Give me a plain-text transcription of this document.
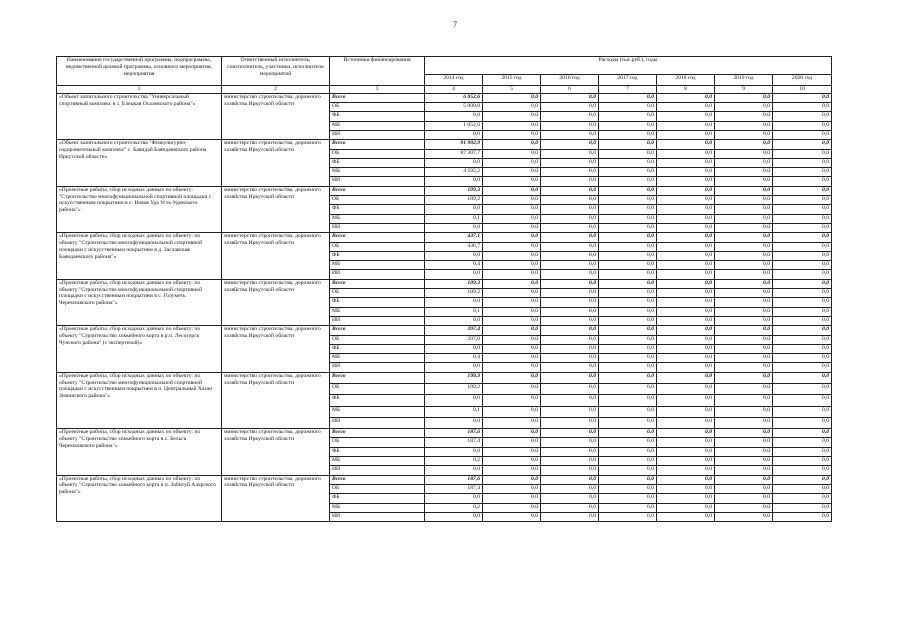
7
Наименование государственной программы, подпрограммы, ведомственной целевой программы, основного мероприятия, мероприятия	Ответственный исполнитель, соисполнитель, участники, исполнители мероприятий	Источники финансирования	Расходы (тыс.руб.), годы						
			2014 год	2015 год	2016 год	2017 год	2018 год	2019 год	2020 год
1	2	3	4	5	6	7	8	9	10
«Объект капитального строительства "Универсальный спортивный комплекс в с. Елецкая Осалевского района"»	министерство строительства, дорожного хозяйства Иркутской области	Всего	6 052,6	0,0	0,0	0,0	0,0	0,0	0,0
		ОБ	5 000,0	0,0	0,0	0,0	0,0	0,0	0,0
		ФБ	0,0	0,0	0,0	0,0	0,0	0,0	0,0
		МБ	1 052,6	0,0	0,0	0,0	0,0	0,0	0,0
		ИИ	0,0	0,0	0,0	0,0	0,0	0,0	0,0
«Объект капитального строительства "Физкультурно-оздоровительный комплекс" с. Баяндай Баяндаевского района Иркутской области»	министерство строительства, дорожного хозяйства Иркутской области	Всего	91 902,9	0,0	0,0	0,0	0,0	0,0	0,0
		ОБ	87 307,7	0,0	0,0	0,0	0,0	0,0	0,0
		ФБ	0,0	0,0	0,0	0,0	0,0	0,0	0,0
		МБ	4 595,2	0,0	0,0	0,0	0,0	0,0	0,0
		ИИ	0,0	0,0	0,0	0,0	0,0	0,0	0,0
«Проектные работы, сбор исходных данных по объекту: "Строительство многофункциональной спортивной площадки с искусственным покрытием в с. Новая Уда Усть-Удинского района"»	министерство строительства, дорожного хозяйства Иркутской области	Всего	109,3	0,0	0,0	0,0	0,0	0,0	0,0
		ОБ	109,2	0,0	0,0	0,0	0,0	0,0	0,0
		ФБ	0,0	0,0	0,0	0,0	0,0	0,0	0,0
		МБ	0,1	0,0	0,0	0,0	0,0	0,0	0,0
		ИИ	0,0	0,0	0,0	0,0	0,0	0,0	0,0
«Проектные работы, сбор исходных данных по объекту: по объекту "Строительство многофункциональной спортивной площадки с искусственным покрытием в д. Заславская Баяндаевского района"»	министерство строительства, дорожного хозяйства Иркутской области	Всего	437,1	0,0	0,0	0,0	0,0	0,0	0,0
		ОБ	436,7	0,0	0,0	0,0	0,0	0,0	0,0
		ФБ	0,0	0,0	0,0	0,0	0,0	0,0	0,0
		МБ	0,4	0,0	0,0	0,0	0,0	0,0	0,0
		ИИ	0,0	0,0	0,0	0,0	0,0	0,0	0,0
«Проектные работы, сбор исходных данных по объекту: по объекту "Строительство многофункциональной спортивной площадки с искусственным покрытием в с. Голуметь Черемховского района"»	министерство строительства, дорожного хозяйства Иркутской области	Всего	109,3	0,0	0,0	0,0	0,0	0,0	0,0
		ОБ	109,2	0,0	0,0	0,0	0,0	0,0	0,0
		ФБ	0,0	0,0	0,0	0,0	0,0	0,0	0,0
		МБ	0,1	0,0	0,0	0,0	0,0	0,0	0,0
		ИИ	0,0	0,0	0,0	0,0	0,0	0,0	0,0
«Проектные работы, сбор исходных данных по объекту: по объекту "Строительство хоккейного корта в р.п. Лесогорск Чунского района" (с экспертизой)»	министерство строительства, дорожного хозяйства Иркутской области	Всего	397,4	0,0	0,0	0,0	0,0	0,0	0,0
		ОБ	397,0	0,0	0,0	0,0	0,0	0,0	0,0
		ФБ	0,0	0,0	0,0	0,0	0,0	0,0	0,0
		МБ	0,4	0,0	0,0	0,0	0,0	0,0	0,0
		ИИ	0,0	0,0	0,0	0,0	0,0	0,0	0,0
«Проектные работы, сбор исходных данных по объекту: по объекту "Строительство многофункциональной спортивной площадки с искусственным покрытием в п. Центральный Хазан Зиминского района"»	министерство строительства, дорожного хозяйства Иркутской области	Всего	199,3	0,0	0,0	0,0	0,0	0,0	0,0
		ОБ	199,2	0,0	0,0	0,0	0,0	0,0	0,0
		ФБ	0,0	0,0	0,0	0,0	0,0	0,0	0,0
		МБ	0,1	0,0	0,0	0,0	0,0	0,0	0,0
		ИИ	0,0	0,0	0,0	0,0	0,0	0,0	0,0
«Проектные работы, сбор исходных данных по объекту: по объекту "Строительство хоккейного корта в с. Бельск Черемховского района"»	министерство строительства, дорожного хозяйства Иркутской области	Всего	187,6	0,0	0,0	0,0	0,0	0,0	0,0
		ОБ	187,4	0,0	0,0	0,0	0,0	0,0	0,0
		ФБ	0,0	0,0	0,0	0,0	0,0	0,0	0,0
		МБ	0,2	0,0	0,0	0,0	0,0	0,0	0,0
		ИИ	0,0	0,0	0,0	0,0	0,0	0,0	0,0
«Проектные работы, сбор исходных данных по объекту: по объекту "Строительство хоккейного корта в п. Забитуй Аларского района"»	министерство строительства, дорожного хозяйства Иркутской области	Всего	187,6	0,0	0,0	0,0	0,0	0,0	0,0
		ОБ	187,4	0,0	0,0	0,0	0,0	0,0	0,0
		ФБ	0,0	0,0	0,0	0,0	0,0	0,0	0,0
		МБ	0,2	0,0	0,0	0,0	0,0	0,0	0,0
		ИИ	0,0	0,0	0,0	0,0	0,0	0,0	0,0
